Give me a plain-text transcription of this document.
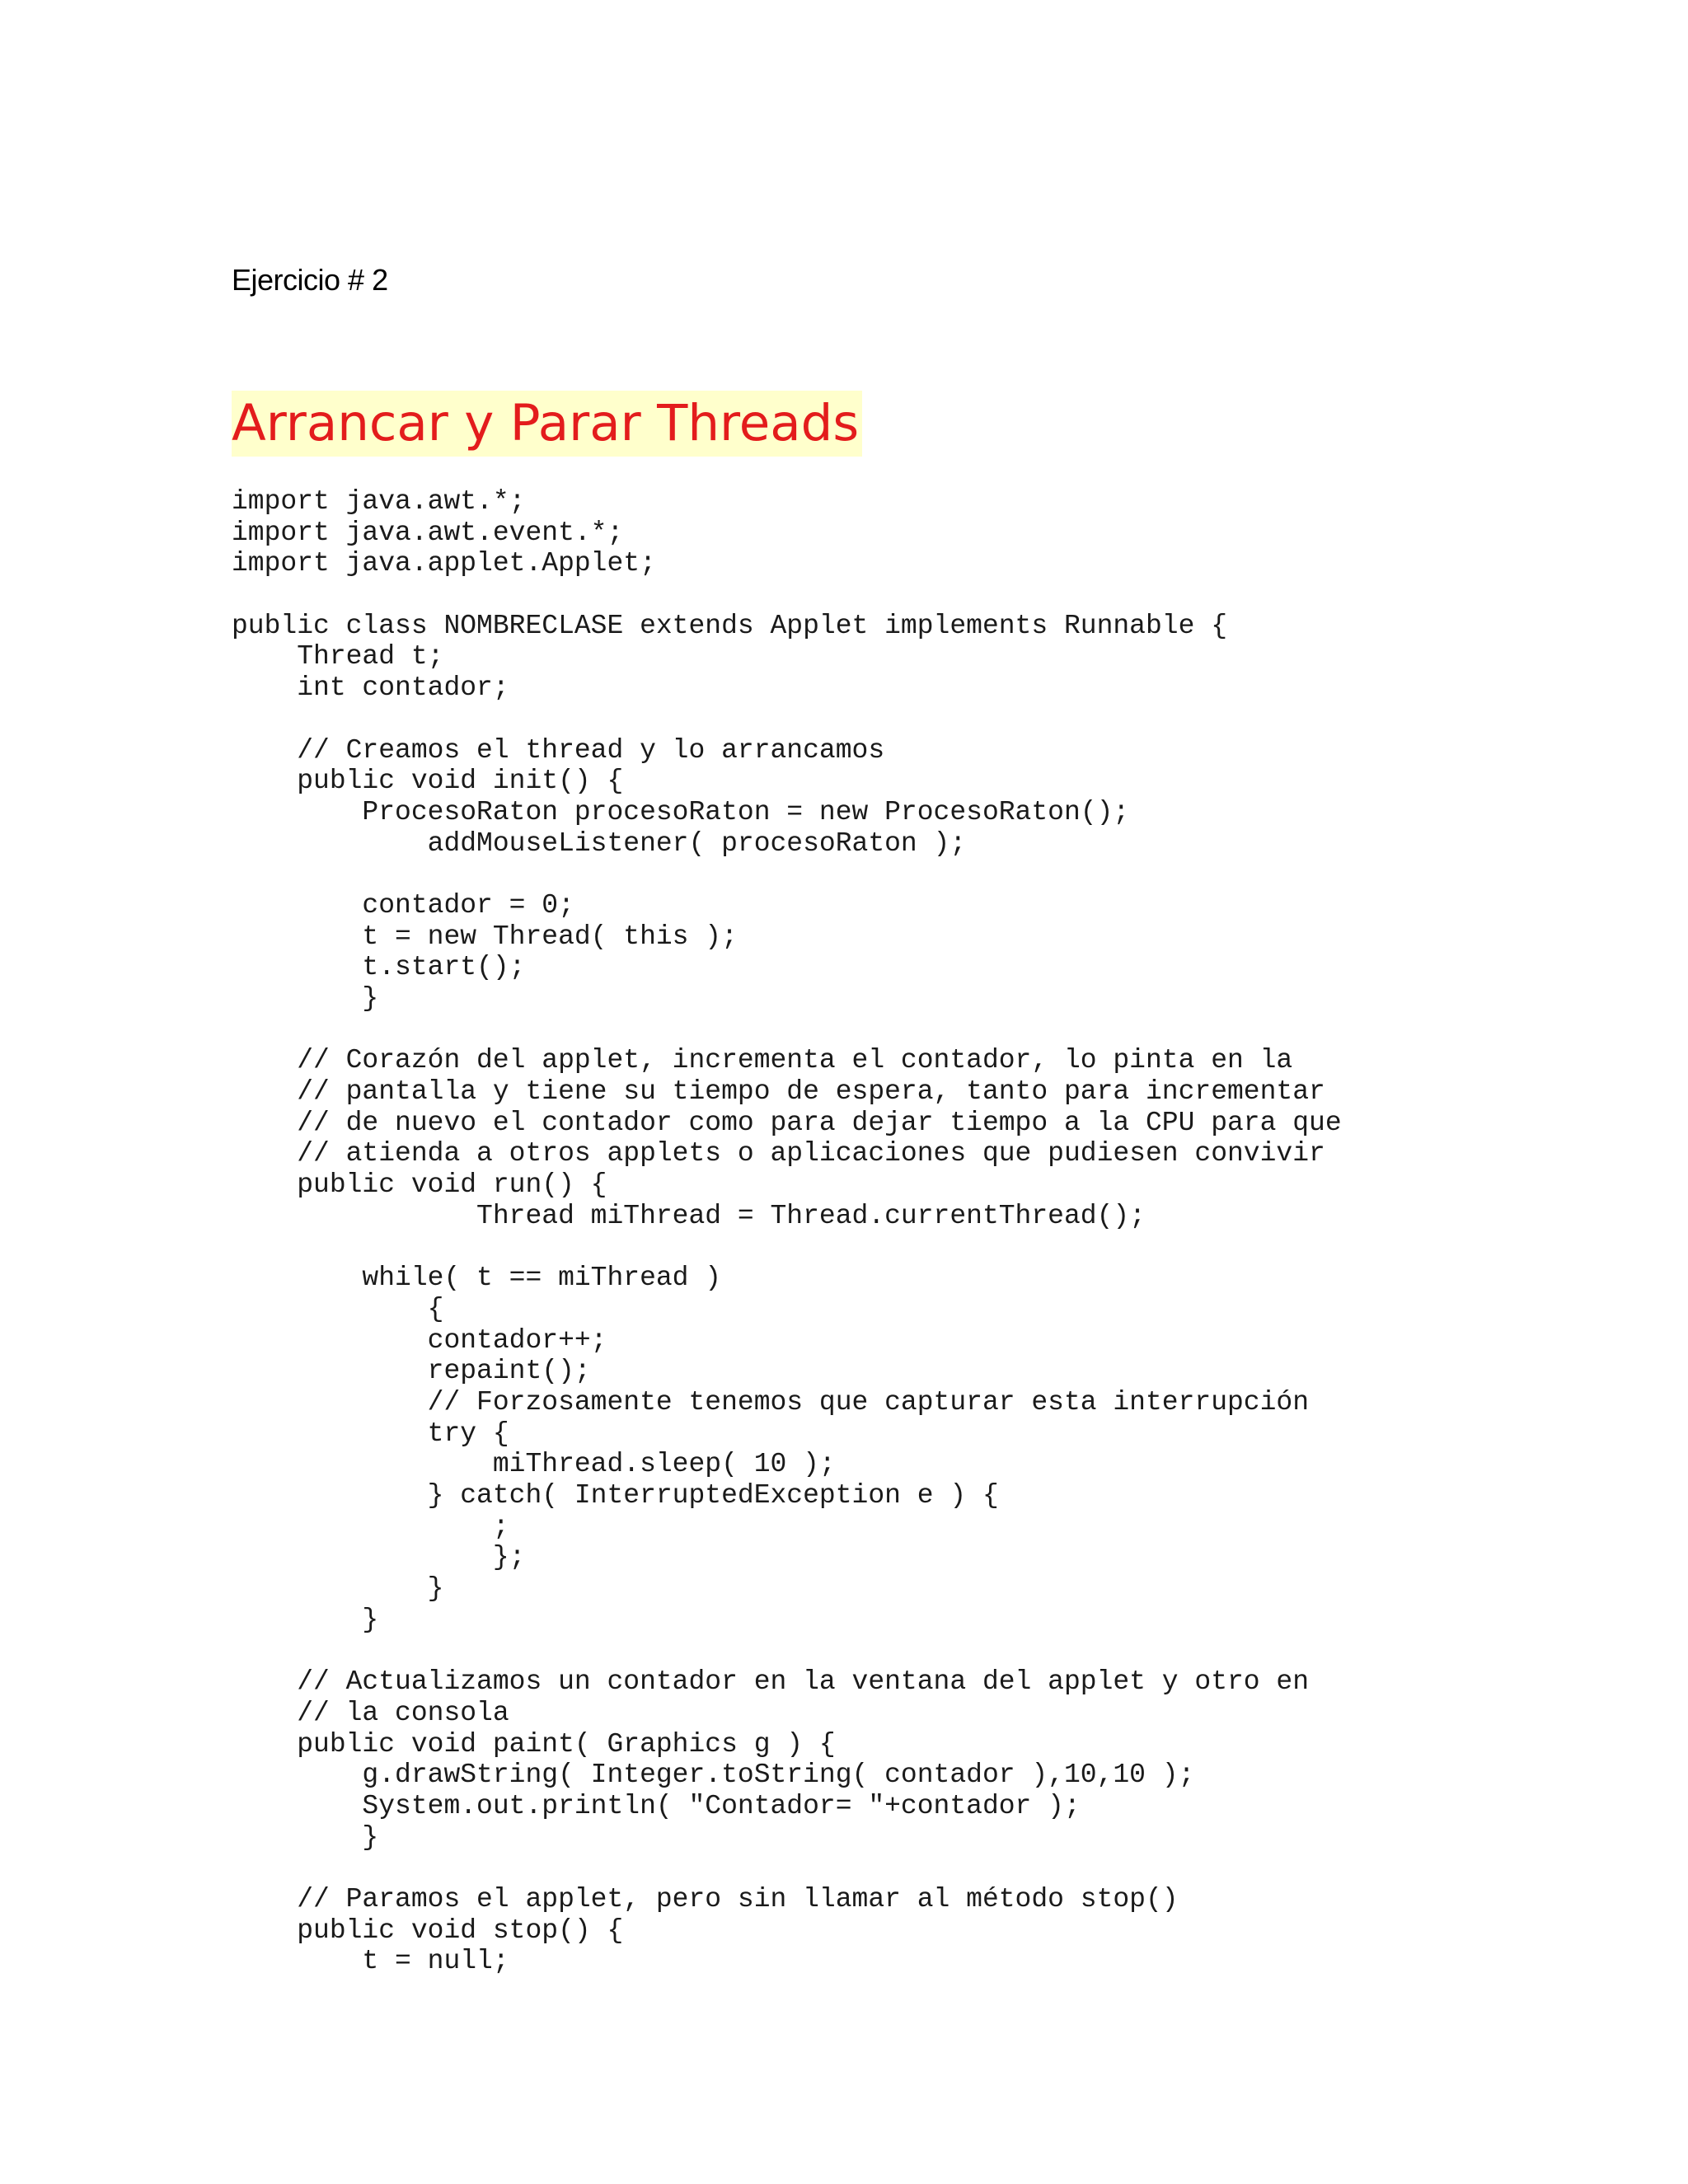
Ejercicio # 2
Arrancar y Parar Threads
import java.awt.*;
import java.awt.event.*;
import java.applet.Applet;
public class NOMBRECLASE extends Applet implements Runnable {
Thread t;
int contador;
// Creamos el thread y lo arrancamos
public void init() {
ProcesoRaton procesoRaton = new ProcesoRaton();
addMouseListener( procesoRaton );
contador = 0;
t = new Thread( this );
t.start();
}
// Corazón del applet, incrementa el contador, lo pinta en la
// pantalla y tiene su tiempo de espera, tanto para incrementar
// de nuevo el contador como para dejar tiempo a la CPU para que
// atienda a otros applets o aplicaciones que pudiesen convivir
public void run() {
Thread miThread = Thread.currentThread();
while( t == miThread )
{
contador++;
repaint();
// Forzosamente tenemos que capturar esta interrupción
try {
miThread.sleep( 10 );
} catch( InterruptedException e ) {
;
};
}
}
// Actualizamos un contador en la ventana del applet y otro en
// la consola
public void paint( Graphics g ) {
g.drawString( Integer.toString( contador ),10,10 );
System.out.println( "Contador= "+contador );
}
// Paramos el applet, pero sin llamar al método stop()
public void stop() {
t = null;
